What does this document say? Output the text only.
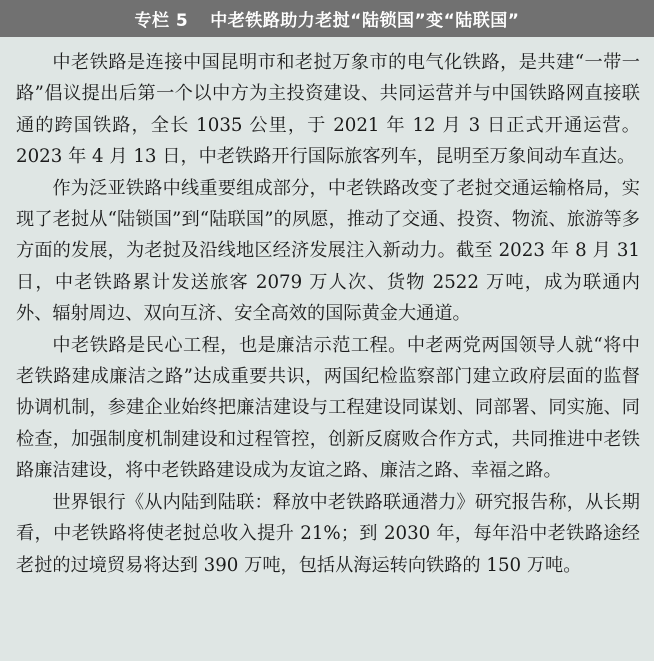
专栏 5 中老铁路助力老挝“陆锁国”变“陆联国”

中老铁路是连接中国昆明市和老挝万象市的电气化铁路，是共建“一带一路”倡议提出后第一个以中方为主投资建设、共同运营并与中国铁路网直接联通的跨国铁路，全长 1035 公里，于 2021 年 12 月 3 日正式开通运营。2023 年 4 月 13 日，中老铁路开行国际旅客列车，昆明至万象间动车直达。

作为泛亚铁路中线重要组成部分，中老铁路改变了老挝交通运输格局，实现了老挝从“陆锁国”到“陆联国”的夙愿，推动了交通、投资、物流、旅游等多方面的发展，为老挝及沿线地区经济发展注入新动力。截至 2023 年 8 月 31 日，中老铁路累计发送旅客 2079 万人次、货物 2522 万吨，成为联通内外、辐射周边、双向互济、安全高效的国际黄金大通道。

中老铁路是民心工程，也是廉洁示范工程。中老两党两国领导人就“将中老铁路建成廉洁之路”达成重要共识，两国纪检监察部门建立政府层面的监督协调机制，参建企业始终把廉洁建设与工程建设同谋划、同部署、同实施、同检查，加强制度机制建设和过程管控，创新反腐败合作方式，共同推进中老铁路廉洁建设，将中老铁路建设成为友谊之路、廉洁之路、幸福之路。

世界银行《从内陆到陆联：释放中老铁路联通潜力》研究报告称，从长期看，中老铁路将使老挝总收入提升 21%；到 2030 年，每年沿中老铁路途经老挝的过境贸易将达到 390 万吨，包括从海运转向铁路的 150 万吨。
